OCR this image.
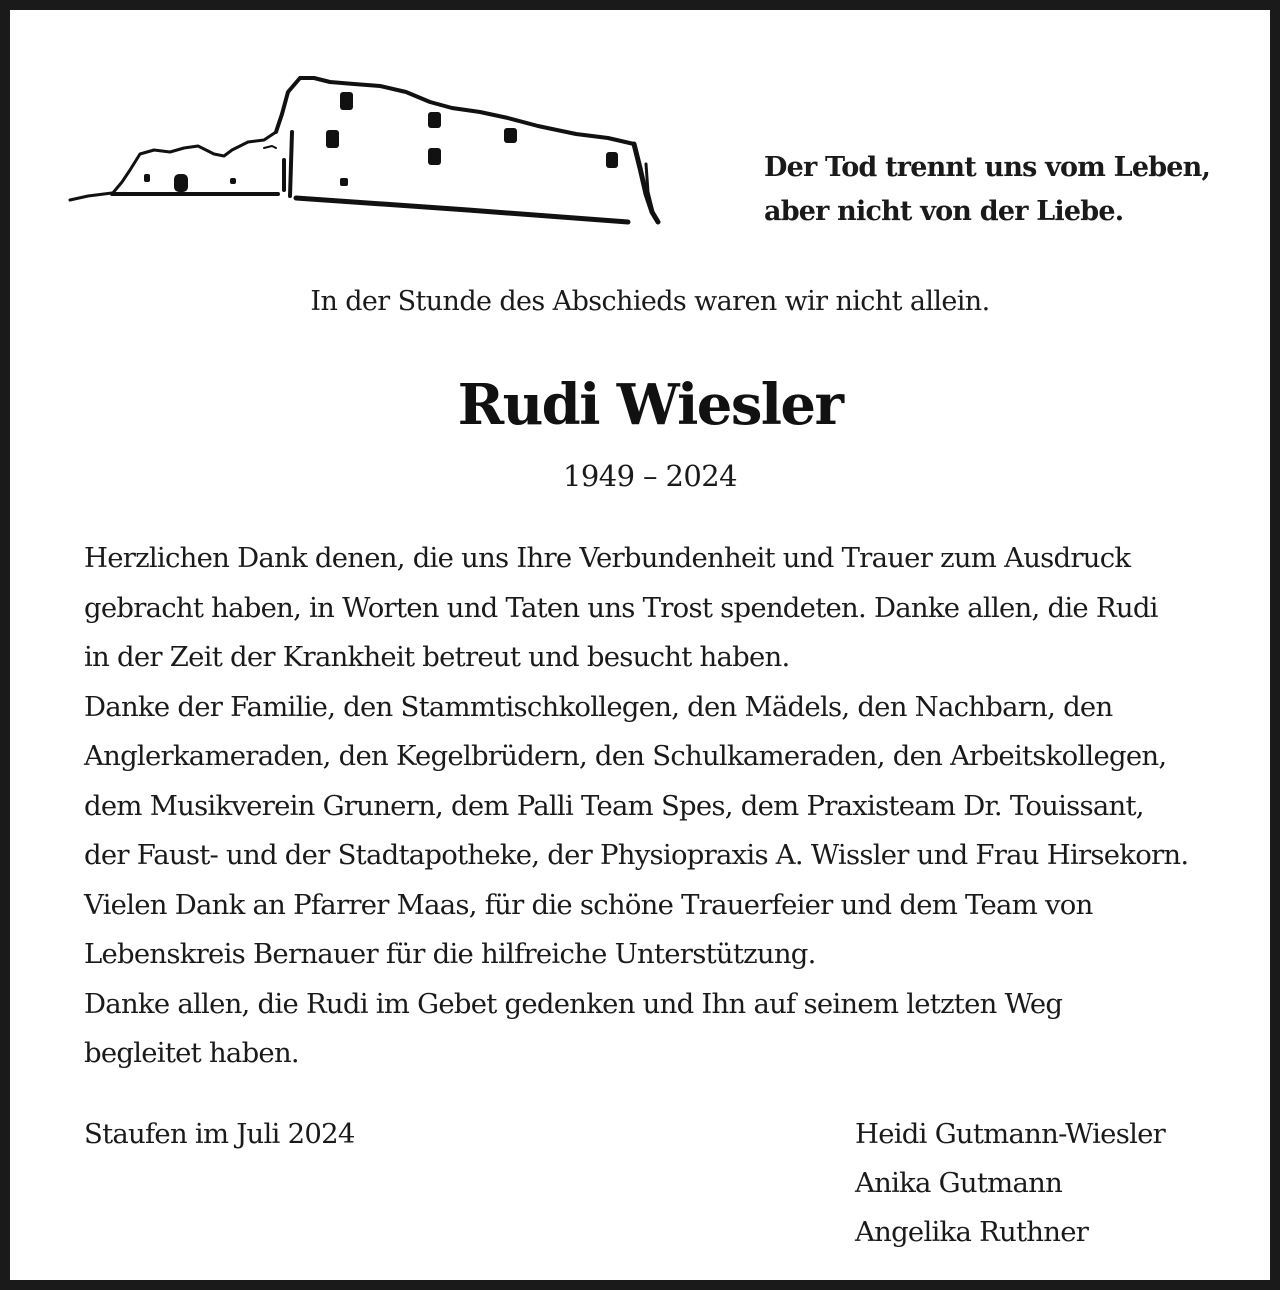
Der Tod trennt uns vom Leben,
aber nicht von der Liebe.
In der Stunde des Abschieds waren wir nicht allein.
Rudi Wiesler
1949 – 2024
Herzlichen Dank denen, die uns Ihre Verbundenheit und Trauer zum Ausdruck
gebracht haben, in Worten und Taten uns Trost spendeten. Danke allen, die Rudi
in der Zeit der Krankheit betreut und besucht haben.
Danke der Familie, den Stammtischkollegen, den Mädels, den Nachbarn, den
Anglerkameraden, den Kegelbrüdern, den Schulkameraden, den Arbeitskollegen,
dem Musikverein Grunern, dem Palli Team Spes, dem Praxisteam Dr. Touissant,
der Faust- und der Stadtapotheke, der Physiopraxis A. Wissler und Frau Hirsekorn.
Vielen Dank an Pfarrer Maas, für die schöne Trauerfeier und dem Team von
Lebenskreis Bernauer für die hilfreiche Unterstützung.
Danke allen, die Rudi im Gebet gedenken und Ihn auf seinem letzten Weg
begleitet haben.
Staufen im Juli 2024	Heidi Gutmann-Wiesler
Anika Gutmann
Angelika Ruthner
